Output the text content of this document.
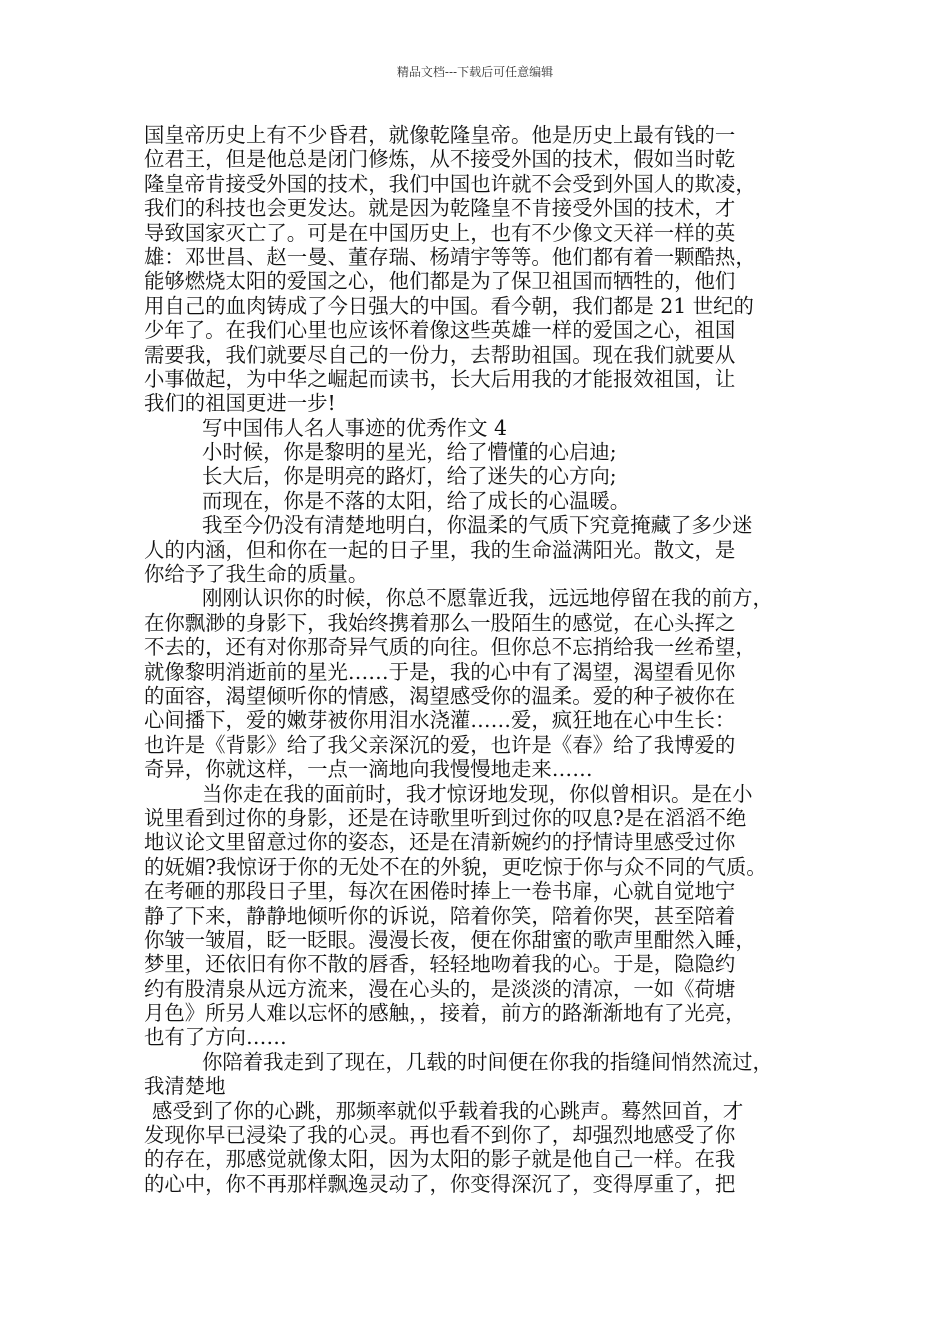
精品文档---下载后可任意编辑
国皇帝历史上有不少昏君，就像乾隆皇帝。他是历史上最有钱的一
位君王，但是他总是闭门修炼，从不接受外国的技术，假如当时乾
隆皇帝肯接受外国的技术，我们中国也许就不会受到外国人的欺凌，
我们的科技也会更发达。就是因为乾隆皇不肯接受外国的技术，才
导致国家灭亡了。可是在中国历史上，也有不少像文天祥一样的英
雄：邓世昌、赵一曼、董存瑞、杨靖宇等等。他们都有着一颗酷热，
能够燃烧太阳的爱国之心，他们都是为了保卫祖国而牺牲的，他们
用自己的血肉铸成了今日强大的中国。看今朝，我们都是 21 世纪的
少年了。在我们心里也应该怀着像这些英雄一样的爱国之心，祖国
需要我，我们就要尽自己的一份力，去帮助祖国。现在我们就要从
小事做起，为中华之崛起而读书，长大后用我的才能报效祖国，让
我们的祖国更进一步!
写中国伟人名人事迹的优秀作文 4
小时候，你是黎明的星光，给了懵懂的心启迪;
长大后，你是明亮的路灯，给了迷失的心方向;
而现在，你是不落的太阳，给了成长的心温暖。
我至今仍没有清楚地明白，你温柔的气质下究竟掩藏了多少迷
人的内涵，但和你在一起的日子里，我的生命溢满阳光。散文，是
你给予了我生命的质量。
刚刚认识你的时候，你总不愿靠近我，远远地停留在我的前方，
在你飘渺的身影下，我始终携着那么一股陌生的感觉，在心头挥之
不去的，还有对你那奇异气质的向往。但你总不忘捎给我一丝希望，
就像黎明消逝前的星光……于是，我的心中有了渴望，渴望看见你
的面容，渴望倾听你的情感，渴望感受你的温柔。爱的种子被你在
心间播下，爱的嫩芽被你用泪水浇灌……爱，疯狂地在心中生长：
也许是《背影》给了我父亲深沉的爱，也许是《春》给了我博爱的
奇异，你就这样，一点一滴地向我慢慢地走来……
当你走在我的面前时，我才惊讶地发现，你似曾相识。是在小
说里看到过你的身影，还是在诗歌里听到过你的叹息?是在滔滔不绝
地议论文里留意过你的姿态，还是在清新婉约的抒情诗里感受过你
的妩媚?我惊讶于你的无处不在的外貌，更吃惊于你与众不同的气质。
在考砸的那段日子里，每次在困倦时捧上一卷书扉，心就自觉地宁
静了下来，静静地倾听你的诉说，陪着你笑，陪着你哭，甚至陪着
你皱一皱眉，眨一眨眼。漫漫长夜，便在你甜蜜的歌声里酣然入睡，
梦里，还依旧有你不散的唇香，轻轻地吻着我的心。于是，隐隐约
约有股清泉从远方流来，漫在心头的，是淡淡的清凉，一如《荷塘
月色》所另人难以忘怀的感触，，接着，前方的路渐渐地有了光亮，
也有了方向……
你陪着我走到了现在，几载的时间便在你我的指缝间悄然流过，
我清楚地
感受到了你的心跳，那频率就似乎载着我的心跳声。蓦然回首，才
发现你早已浸染了我的心灵。再也看不到你了，却强烈地感受了你
的存在，那感觉就像太阳，因为太阳的影子就是他自己一样。在我
的心中，你不再那样飘逸灵动了，你变得深沉了，变得厚重了，把
